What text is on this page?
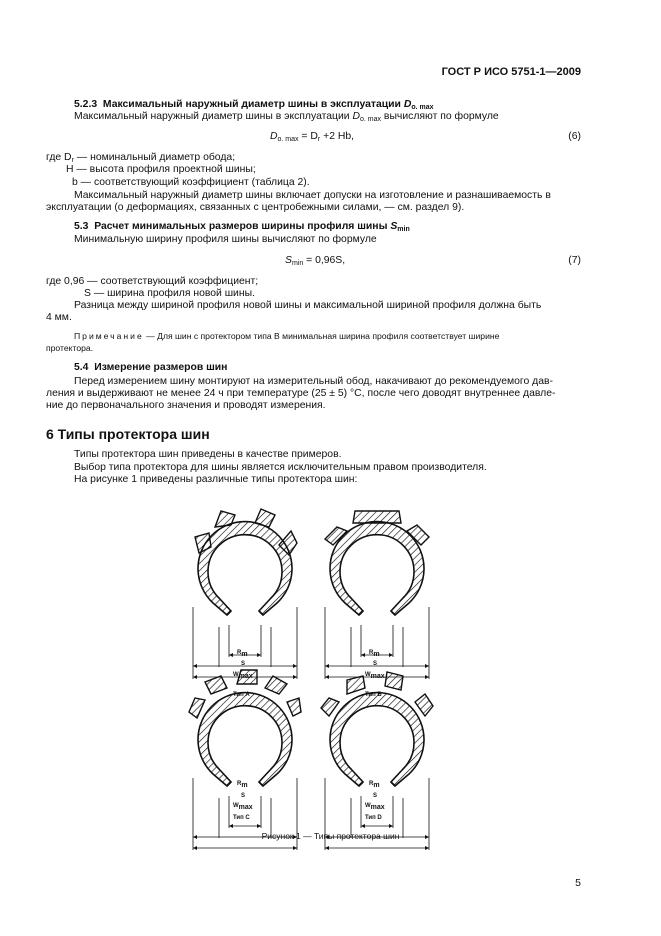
ГОСТ Р ИСО 5751-1—2009
5.2.3 Максимальный наружный диаметр шины в эксплуатации $D_{o. max}$
Максимальный наружный диаметр шины в эксплуатации $D_{o. max}$ вычисляют по формуле
$D_{o. max} = D_r +2$ Hb,	(6)
где $D_r$ — номинальный диаметр обода;
H — высота профиля проектной шины;
b — соответствующий коэффициент (таблица 2).
Максимальный наружный диаметр шины включает допуски на изготовление и разнашиваемость в
эксплуатации (о деформациях, связанных с центробежными силами, — см. раздел 9).
5.3 Расчет минимальных размеров ширины профиля шины $S_{min}$
Минимальную ширину профиля шины вычисляют по формуле
$S_{min} = 0,96S$,	(7)
где 0,96 — соответствующий коэффициент;
S — ширина профиля новой шины.
Разница между шириной профиля новой шины и максимальной шириной профиля должна быть
4 мм.
Примечание — Для шин с протектором типа В минимальная ширина профиля соответствует ширине
протектора.
5.4 Измерение размеров шин
Перед измерением шину монтируют на измерительный обод, накачивают до рекомендуемого дав-
ления и выдерживают не менее 24 ч при температуре (25 ± 5) °С, после чего доводят внутреннее давле-
ние до первоначального значения и проводят измерения.
6 Типы протектора шин
Типы протектора шин приведены в качестве примеров.
Выбор типа протектора для шины является исключительным правом производителя.
На рисунке 1 приведены различные типы протектора шин:
Rm
S
Wmax
Тип А
Rm
S
Wmax
Тип В
Rm	Rm
S	S
Wmax	Wmax
Тип С	Тип D
Рисунок 1 — Типы протектора шин
5
